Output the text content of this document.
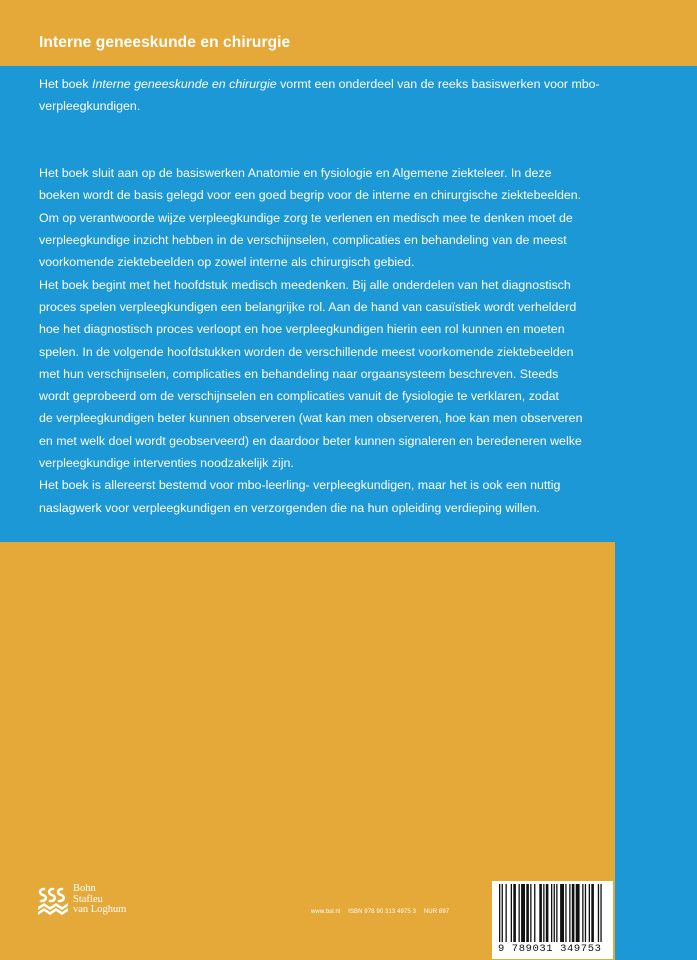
Interne geneeskunde en chirurgie

Het boek Interne geneeskunde en chirurgie vormt een onderdeel van de reeks basiswerken voor mbo-
verpleegkundigen.

Het boek sluit aan op de basiswerken Anatomie en fysiologie en Algemene ziekteleer. In deze
boeken wordt de basis gelegd voor een goed begrip voor de interne en chirurgische ziektebeelden.
Om op verantwoorde wijze verpleegkundige zorg te verlenen en medisch mee te denken moet de
verpleegkundige inzicht hebben in de verschijnselen, complicaties en behandeling van de meest
voorkomende ziektebeelden op zowel interne als chirurgisch gebied.
Het boek begint met het hoofdstuk medisch meedenken. Bij alle onderdelen van het diagnostisch
proces spelen verpleegkundigen een belangrijke rol. Aan de hand van casuïstiek wordt verhelderd
hoe het diagnostisch proces verloopt en hoe verpleegkundigen hierin een rol kunnen en moeten
spelen. In de volgende hoofdstukken worden de verschillende meest voorkomende ziektebeelden
met hun verschijnselen, complicaties en behandeling naar orgaansysteem beschreven. Steeds
wordt geprobeerd om de verschijnselen en complicaties vanuit de fysiologie te verklaren, zodat
de verpleegkundigen beter kunnen observeren (wat kan men observeren, hoe kan men observeren
en met welk doel wordt geobserveerd) en daardoor beter kunnen signaleren en beredeneren welke
verpleegkundige interventies noodzakelijk zijn.
Het boek is allereerst bestemd voor mbo-leerling- verpleegkundigen, maar het is ook een nuttig
naslagwerk voor verpleegkundigen en verzorgenden die na hun opleiding verdieping willen.

Bohn
Stafleu
van Loghum	www.bsl.nl ISBN 978 90 313 4975 3 NUR 897
9 789031 349753
